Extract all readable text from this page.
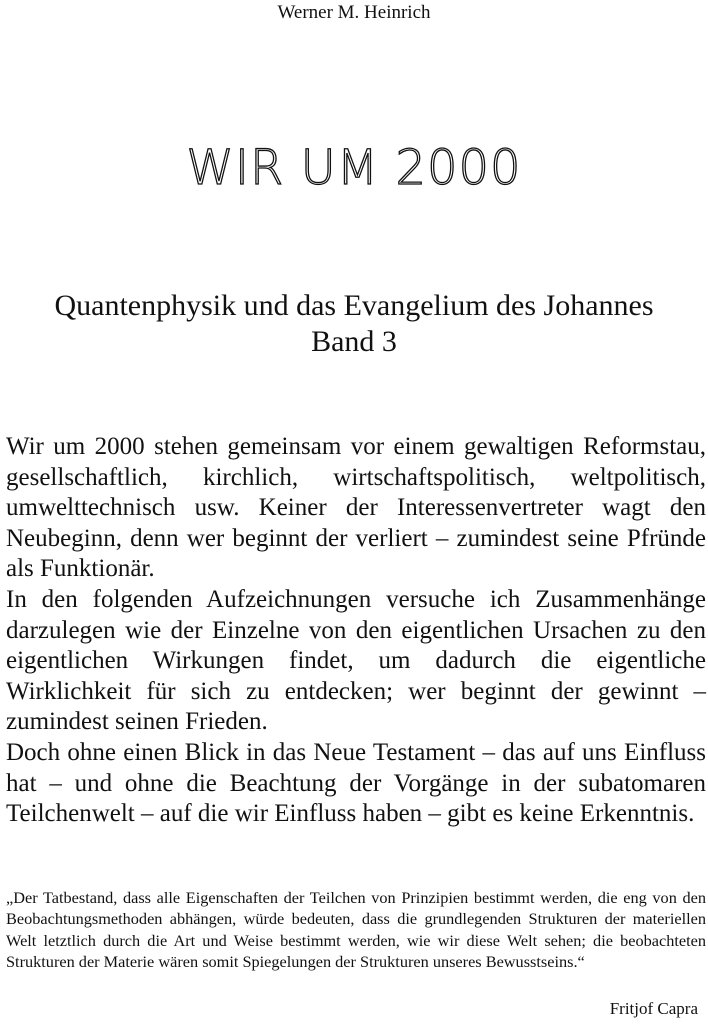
Werner M. Heinrich
WIR UM 2000
Quantenphysik und das Evangelium des Johannes
Band 3

Wir um 2000 stehen gemeinsam vor einem gewaltigen Reformstau, gesellschaftlich, kirchlich, wirtschaftspolitisch, weltpolitisch, umwelttechnisch usw. Keiner der Interessenvertreter wagt den Neubeginn, denn wer beginnt der verliert – zumindest seine Pfründe als Funktionär.

In den folgenden Aufzeichnungen versuche ich Zusammenhänge darzulegen wie der Einzelne von den eigentlichen Ursachen zu den eigentlichen Wirkungen findet, um dadurch die eigentliche Wirklichkeit für sich zu entdecken; wer beginnt der gewinnt – zumindest seinen Frieden.

Doch ohne einen Blick in das Neue Testament – das auf uns Einfluss hat – und ohne die Beachtung der Vorgänge in der subatomaren Teilchenwelt – auf die wir Einfluss haben – gibt es keine Erkenntnis.

„Der Tatbestand, dass alle Eigenschaften der Teilchen von Prinzipien bestimmt werden, die eng von den Beobachtungsmethoden abhängen, würde bedeuten, dass die grundlegenden Strukturen der materiellen Welt letztlich durch die Art und Weise bestimmt werden, wie wir diese Welt sehen; die beobachteten Strukturen der Materie wären somit Spiegelungen der Strukturen unseres Bewusstseins.“

Fritjof Capra
